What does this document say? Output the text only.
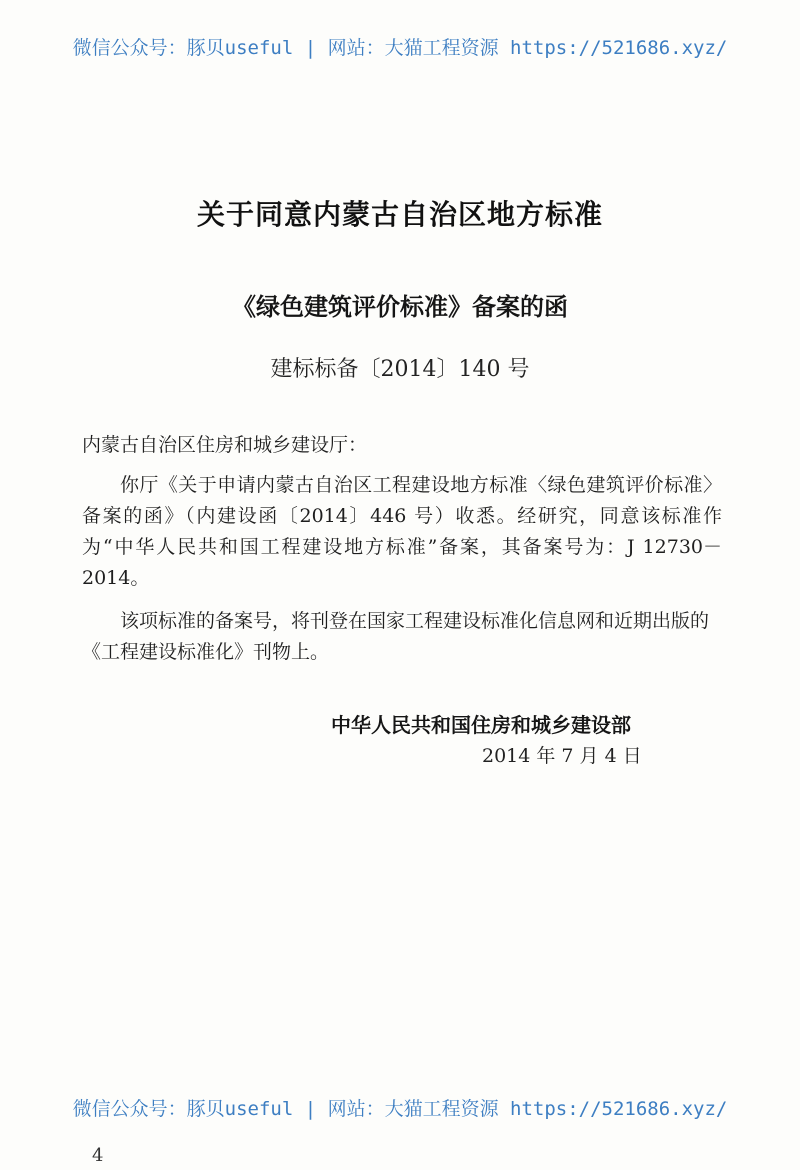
微信公众号：豚贝useful | 网站：大猫工程资源 https://521686.xyz/
关于同意内蒙古自治区地方标准
《绿色建筑评价标准》备案的函
建标标备〔2014〕140 号
内蒙古自治区住房和城乡建设厅：
你厅《关于申请内蒙古自治区工程建设地方标准〈绿色建筑评价标准〉备案的函》（内建设函〔2014〕446 号）收悉。经研究，同意该标准作为“中华人民共和国工程建设地方标准”备案，其备案号为：J 12730－2014。
该项标准的备案号，将刊登在国家工程建设标准化信息网和近期出版的《工程建设标准化》刊物上。
中华人民共和国住房和城乡建设部
2014 年 7 月 4 日
微信公众号：豚贝useful | 网站：大猫工程资源 https://521686.xyz/
4
